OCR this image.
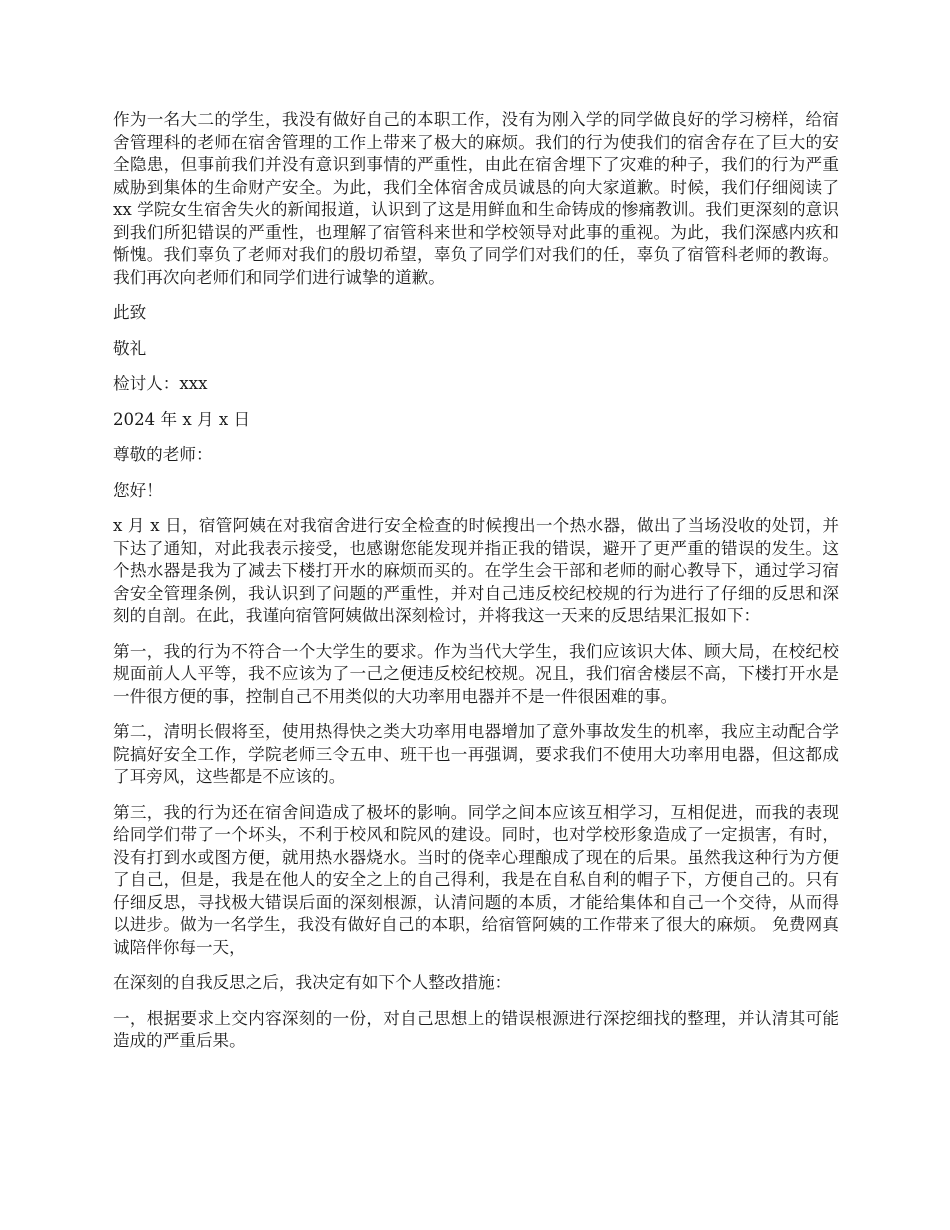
作为一名大二的学生，我没有做好自己的本职工作，没有为刚入学的同学做良好的学习榜样，给宿舍管理科的老师在宿舍管理的工作上带来了极大的麻烦。我们的行为使我们的宿舍存在了巨大的安全隐患，但事前我们并没有意识到事情的严重性，由此在宿舍埋下了灾难的种子，我们的行为严重威胁到集体的生命财产安全。为此，我们全体宿舍成员诚恳的向大家道歉。时候，我们仔细阅读了 xx 学院女生宿舍失火的新闻报道，认识到了这是用鲜血和生命铸成的惨痛教训。我们更深刻的意识到我们所犯错误的严重性，也理解了宿管科来世和学校领导对此事的重视。为此，我们深感内疚和惭愧。我们辜负了老师对我们的殷切希望，辜负了同学们对我们的任，辜负了宿管科老师的教诲。我们再次向老师们和同学们进行诚挚的道歉。

此致

敬礼

检讨人：xxx

2024 年 x 月 x 日

尊敬的老师：

您好！

x 月 x 日，宿管阿姨在对我宿舍进行安全检查的时候搜出一个热水器，做出了当场没收的处罚，并下达了通知，对此我表示接受，也感谢您能发现并指正我的错误，避开了更严重的错误的发生。这个热水器是我为了减去下楼打开水的麻烦而买的。在学生会干部和老师的耐心教导下，通过学习宿舍安全管理条例，我认识到了问题的严重性，并对自己违反校纪校规的行为进行了仔细的反思和深刻的自剖。在此，我谨向宿管阿姨做出深刻检讨，并将我这一天来的反思结果汇报如下：

第一，我的行为不符合一个大学生的要求。作为当代大学生，我们应该识大体、顾大局，在校纪校规面前人人平等，我不应该为了一己之便违反校纪校规。况且，我们宿舍楼层不高，下楼打开水是一件很方便的事，控制自己不用类似的大功率用电器并不是一件很困难的事。

第二，清明长假将至，使用热得快之类大功率用电器增加了意外事故发生的机率，我应主动配合学院搞好安全工作，学院老师三令五申、班干也一再强调，要求我们不使用大功率用电器，但这都成了耳旁风，这些都是不应该的。

第三，我的行为还在宿舍间造成了极坏的影响。同学之间本应该互相学习，互相促进，而我的表现给同学们带了一个坏头，不利于校风和院风的建设。同时，也对学校形象造成了一定损害，有时，没有打到水或图方便，就用热水器烧水。当时的侥幸心理酿成了现在的后果。虽然我这种行为方便了自己，但是，我是在他人的安全之上的自己得利，我是在自私自利的帽子下，方便自己的。只有仔细反思，寻找极大错误后面的深刻根源，认清问题的本质，才能给集体和自己一个交待，从而得以进步。做为一名学生，我没有做好自己的本职，给宿管阿姨的工作带来了很大的麻烦。 免费网真诚陪伴你每一天，

在深刻的自我反思之后，我决定有如下个人整改措施：

一，根据要求上交内容深刻的一份，对自己思想上的错误根源进行深挖细找的整理，并认清其可能造成的严重后果。
